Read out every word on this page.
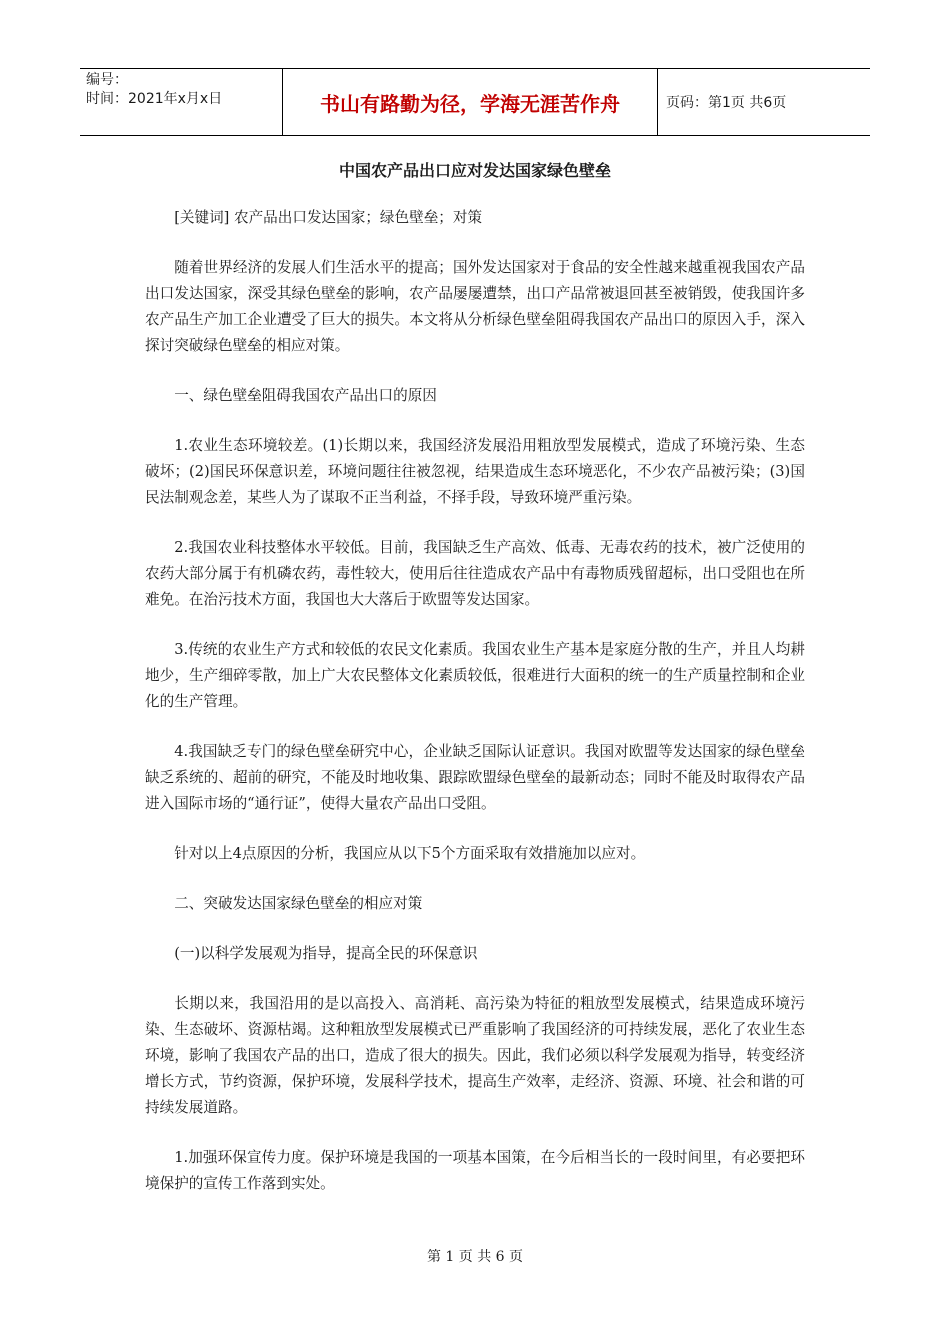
编号：
时间：2021年x月x日	书山有路勤为径，学海无涯苦作舟	页码：第1页 共6页
中国农产品出口应对发达国家绿色壁垒

[关键词] 农产品出口发达国家；绿色壁垒；对策

随着世界经济的发展人们生活水平的提高；国外发达国家对于食品的安全性越来越重视我国农产品出口发达国家，深受其绿色壁垒的影响，农产品屡屡遭禁，出口产品常被退回甚至被销毁，使我国许多农产品生产加工企业遭受了巨大的损失。本文将从分析绿色壁垒阻碍我国农产品出口的原因入手，深入探讨突破绿色壁垒的相应对策。

一、绿色壁垒阻碍我国农产品出口的原因

1.农业生态环境较差。(1)长期以来，我国经济发展沿用粗放型发展模式，造成了环境污染、生态破坏；(2)国民环保意识差，环境问题往往被忽视，结果造成生态环境恶化，不少农产品被污染；(3)国民法制观念差，某些人为了谋取不正当利益，不择手段，导致环境严重污染。

2.我国农业科技整体水平较低。目前，我国缺乏生产高效、低毒、无毒农药的技术，被广泛使用的农药大部分属于有机磷农药，毒性较大，使用后往往造成农产品中有毒物质残留超标，出口受阻也在所难免。在治污技术方面，我国也大大落后于欧盟等发达国家。

3.传统的农业生产方式和较低的农民文化素质。我国农业生产基本是家庭分散的生产，并且人均耕地少，生产细碎零散，加上广大农民整体文化素质较低，很难进行大面积的统一的生产质量控制和企业化的生产管理。

4.我国缺乏专门的绿色壁垒研究中心，企业缺乏国际认证意识。我国对欧盟等发达国家的绿色壁垒缺乏系统的、超前的研究，不能及时地收集、跟踪欧盟绿色壁垒的最新动态；同时不能及时取得农产品进入国际市场的“通行证”，使得大量农产品出口受阻。

针对以上4点原因的分析，我国应从以下5个方面采取有效措施加以应对。

二、突破发达国家绿色壁垒的相应对策

(一)以科学发展观为指导，提高全民的环保意识

长期以来，我国沿用的是以高投入、高消耗、高污染为特征的粗放型发展模式，结果造成环境污染、生态破坏、资源枯竭。这种粗放型发展模式已严重影响了我国经济的可持续发展，恶化了农业生态环境，影响了我国农产品的出口，造成了很大的损失。因此，我们必须以科学发展观为指导，转变经济增长方式，节约资源，保护环境，发展科学技术，提高生产效率，走经济、资源、环境、社会和谐的可持续发展道路。

1.加强环保宣传力度。保护环境是我国的一项基本国策，在今后相当长的一段时间里，有必要把环境保护的宣传工作落到实处。

第 1 页 共 6 页
